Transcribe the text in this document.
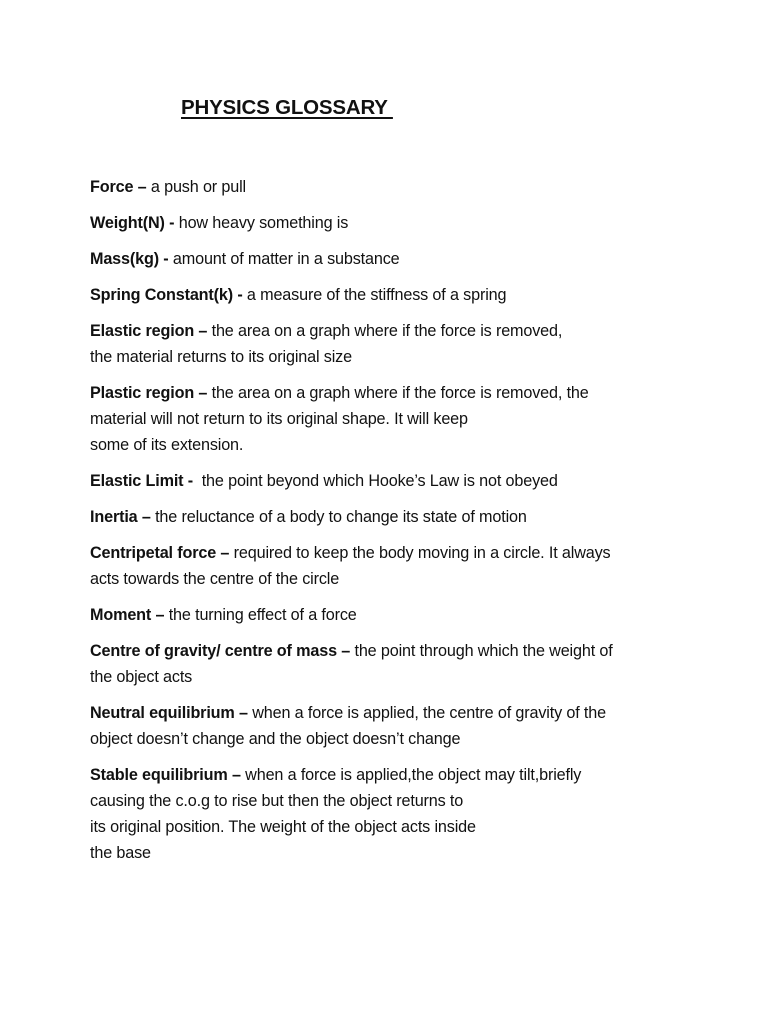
PHYSICS GLOSSARY

Force – a push or pull

Weight(N) - how heavy something is

Mass(kg) - amount of matter in a substance

Spring Constant(k) - a measure of the stiffness of a spring

Elastic region – the area on a graph where if the force is removed,
the material returns to its original size

Plastic region – the area on a graph where if the force is removed, the
material will not return to its original shape. It will keep
some of its extension.

Elastic Limit -  the point beyond which Hooke’s Law is not obeyed

Inertia – the reluctance of a body to change its state of motion

Centripetal force – required to keep the body moving in a circle. It always
acts towards the centre of the circle

Moment – the turning effect of a force

Centre of gravity/ centre of mass – the point through which the weight of
the object acts

Neutral equilibrium – when a force is applied, the centre of gravity of the
object doesn’t change and the object doesn’t change

Stable equilibrium – when a force is applied,the object may tilt,briefly
causing the c.o.g to rise but then the object returns to
its original position. The weight of the object acts inside
the base
